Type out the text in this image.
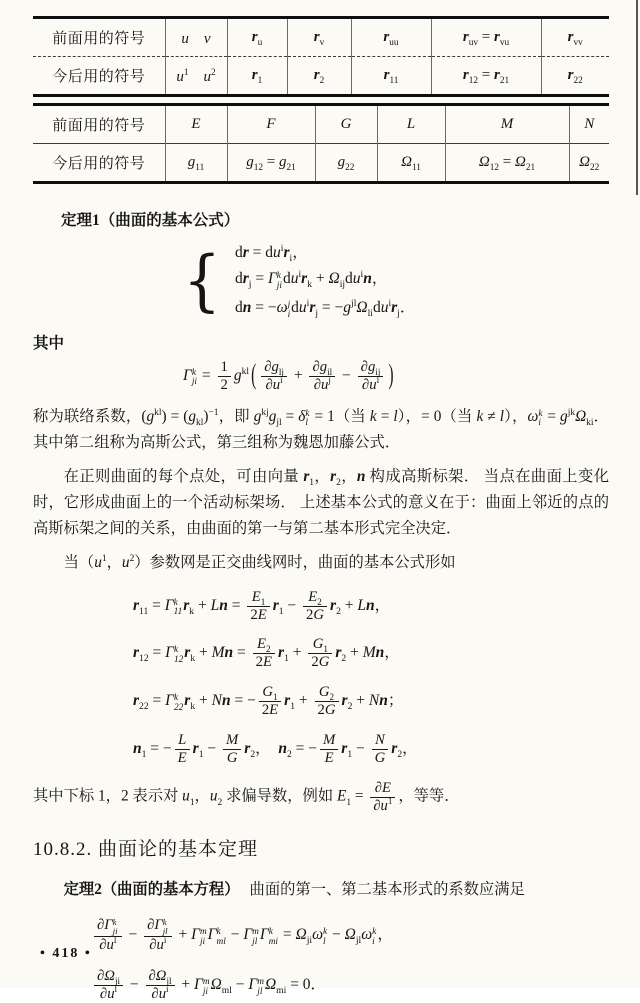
前面用的符号	u　 v	$r_u$	$r_v$	$r_{uu}$	$r_{uv} = r_{vu}$	$r_{vv}$
今后用的符号	$u^1$　 $u^2$	$r_1$	$r_2$	$r_{11}$	$r_{12} = r_{21}$	$r_{22}$
前面用的符号	E	F	G	L	M	N
今后用的符号	$g_{11}$	$g_{12} = g_{21}$	$g_{22}$	$\Omega_{11}$	$\Omega_{12} = \Omega_{21}$	$\Omega_{22}$
定理1（曲面的基本公式）
{ dr = $du^ir_i$，
$dr_j = \Gamma$ k
ji $du^ir_k + \Omega_{ij}du^in$，
dn = −ω j
i $du^ir_j = -g^{jl}\Omega_{li}du^ir_j$．
其中
Γ k
ji = $\frac{1}{2} g^{kl}$ ( $\partial g_{lj}$
$\partial u^i + \partial g_{il}$
$\partial u^j - \partial g_{ij}$
$\partial u^l$ )

称为联络系数，$(g^{kl}) = (g_{kl})^{-1}$，即 $g^{kj}g_{jl} = \delta$ k
l = 1（当 k = l），= 0（当 k ≠ l），ω k
$i = g^{jk}\Omega_{ki}$．其中第二组称为高斯公式，第三组称为魏恩加藤公式．

在正则曲面的每个点处，可由向量 $r_1$，$r_2$，n 构成高斯标架． 当点在曲面上变化时，它形成曲面上的一个活动标架场． 上述基本公式的意义在于：曲面上邻近的点的高斯标架之间的关系，由曲面的第一与第二基本形式完全决定．

当（$u^1$，$u^2$）参数网是正交曲线网时，曲面的基本公式形如

$r_{11} = \Gamma$ k
11 $r_k + Ln = \frac{E_1}{2E} r_1 - \frac{E_2}{2G} r_2 + Ln$，
$r_{12} = \Gamma$ k
12 $r_k + Mn = \frac{E_2}{2E} r_1 + \frac{G_1}{2G} r_2 + Mn$，
$r_{22} = \Gamma$ k
22 $r_k + Nn$ = − $\frac{G_1}{2E} r_1 + \frac{G_2}{2G} r_2 + Nn$；
$n_1$ = − $\frac{L}{E} r_1 - \frac{M}{G} r_2$，　$n_2$ = − $\frac{M}{E} r_1 - \frac{N}{G} r_2$，

其中下标 1，2 表示对 $u_1$，$u_2$ 求偏导数，例如 $E_1 = \frac{\partial E}{\partial u^1}$ ，等等．

10.8.2. 曲面论的基本定理

定理2（曲面的基本方程） 曲面的第一、第二基本形式的系数应满足

∂Γ k
ji
$\partial u^l$ −
∂Γ k
jl
$\partial u^i + \Gamma$ m
ji Γ k
ml − Γ m
jl Γ k
mi = $\Omega_{ji}\omega$ k
$l - \Omega_{jl}\omega$ k
i ，
$\partial\Omega_{ji}$
$\partial u^l - \partial\Omega_{jl}$
$\partial u^i + \Gamma$ m
ji $\Omega_{ml} - \Gamma$ m
jl $\Omega_{mi} = 0$．
• 418 •
